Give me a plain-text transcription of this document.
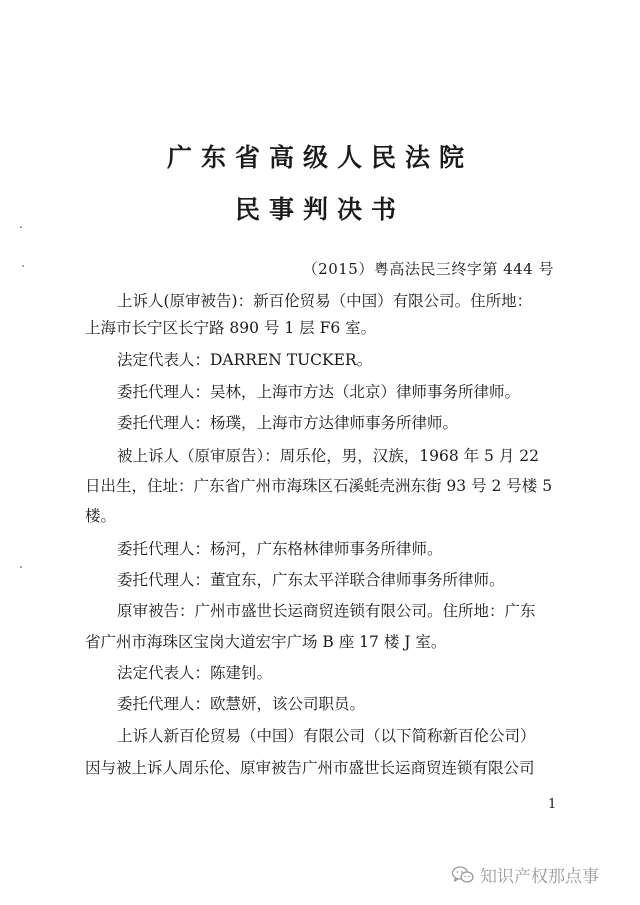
广东省高级人民法院
民事判决书
（2015）粤高法民三终字第 444 号
上诉人(原审被告)：新百伦贸易（中国）有限公司。住所地：
上海市长宁区长宁路 890 号 1 层 F6 室。
法定代表人：DARREN TUCKER。
委托代理人：吴林，上海市方达（北京）律师事务所律师。
委托代理人：杨璞，上海市方达律师事务所律师。
被上诉人（原审原告）：周乐伦，男，汉族，1968 年 5 月 22
日出生，住址：广东省广州市海珠区石溪蚝壳洲东街 93 号 2 号楼 5
楼。
委托代理人：杨河，广东格林律师事务所律师。
委托代理人：董宜东，广东太平洋联合律师事务所律师。
原审被告：广州市盛世长运商贸连锁有限公司。住所地：广东
省广州市海珠区宝岗大道宏宇广场 B 座 17 楼 J 室。
法定代表人：陈建钊。
委托代理人：欧慧妍，该公司职员。
上诉人新百伦贸易（中国）有限公司（以下简称新百伦公司）
因与被上诉人周乐伦、原审被告广州市盛世长运商贸连锁有限公司
1
知识产权那点事
